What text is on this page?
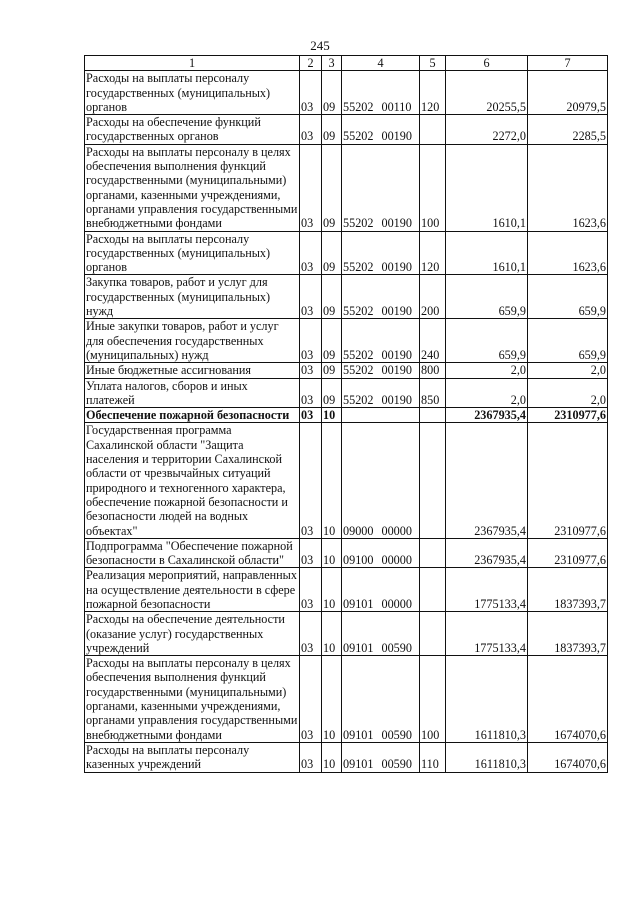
245
1	2	3	4	5	6	7
Расходы на выплаты персоналу государственных (муниципальных) органов	03	09	55202 00110	120	20255,5	20979,5
Расходы на обеспечение функций государственных органов	03	09	55202 00190		2272,0	2285,5
Расходы на выплаты персоналу в целях обеспечения выполнения функций государственными (муниципальными) органами, казенными учреждениями, органами управления государственными внебюджетными фондами	03	09	55202 00190	100	1610,1	1623,6
Расходы на выплаты персоналу государственных (муниципальных) органов	03	09	55202 00190	120	1610,1	1623,6
Закупка товаров, работ и услуг для государственных (муниципальных) нужд	03	09	55202 00190	200	659,9	659,9
Иные закупки товаров, работ и услуг для обеспечения государственных (муниципальных) нужд	03	09	55202 00190	240	659,9	659,9
Иные бюджетные ассигнования	03	09	55202 00190	800	2,0	2,0
Уплата налогов, сборов и иных платежей	03	09	55202 00190	850	2,0	2,0
Обеспечение пожарной безопасности	03	10			2367935,4	2310977,6
Государственная программа Сахалинской области "Защита населения и территории Сахалинской области от чрезвычайных ситуаций природного и техногенного характера, обеспечение пожарной безопасности и безопасности людей на водных объектах"	03	10	09000 00000		2367935,4	2310977,6
Подпрограмма "Обеспечение пожарной безопасности в Сахалинской области"	03	10	09100 00000		2367935,4	2310977,6
Реализация мероприятий, направленных на осуществление деятельности в сфере пожарной безопасности	03	10	09101 00000		1775133,4	1837393,7
Расходы на обеспечение деятельности (оказание услуг) государственных учреждений	03	10	09101 00590		1775133,4	1837393,7
Расходы на выплаты персоналу в целях обеспечения выполнения функций государственными (муниципальными) органами, казенными учреждениями, органами управления государственными внебюджетными фондами	03	10	09101 00590	100	1611810,3	1674070,6
Расходы на выплаты персоналу казенных учреждений	03	10	09101 00590	110	1611810,3	1674070,6
